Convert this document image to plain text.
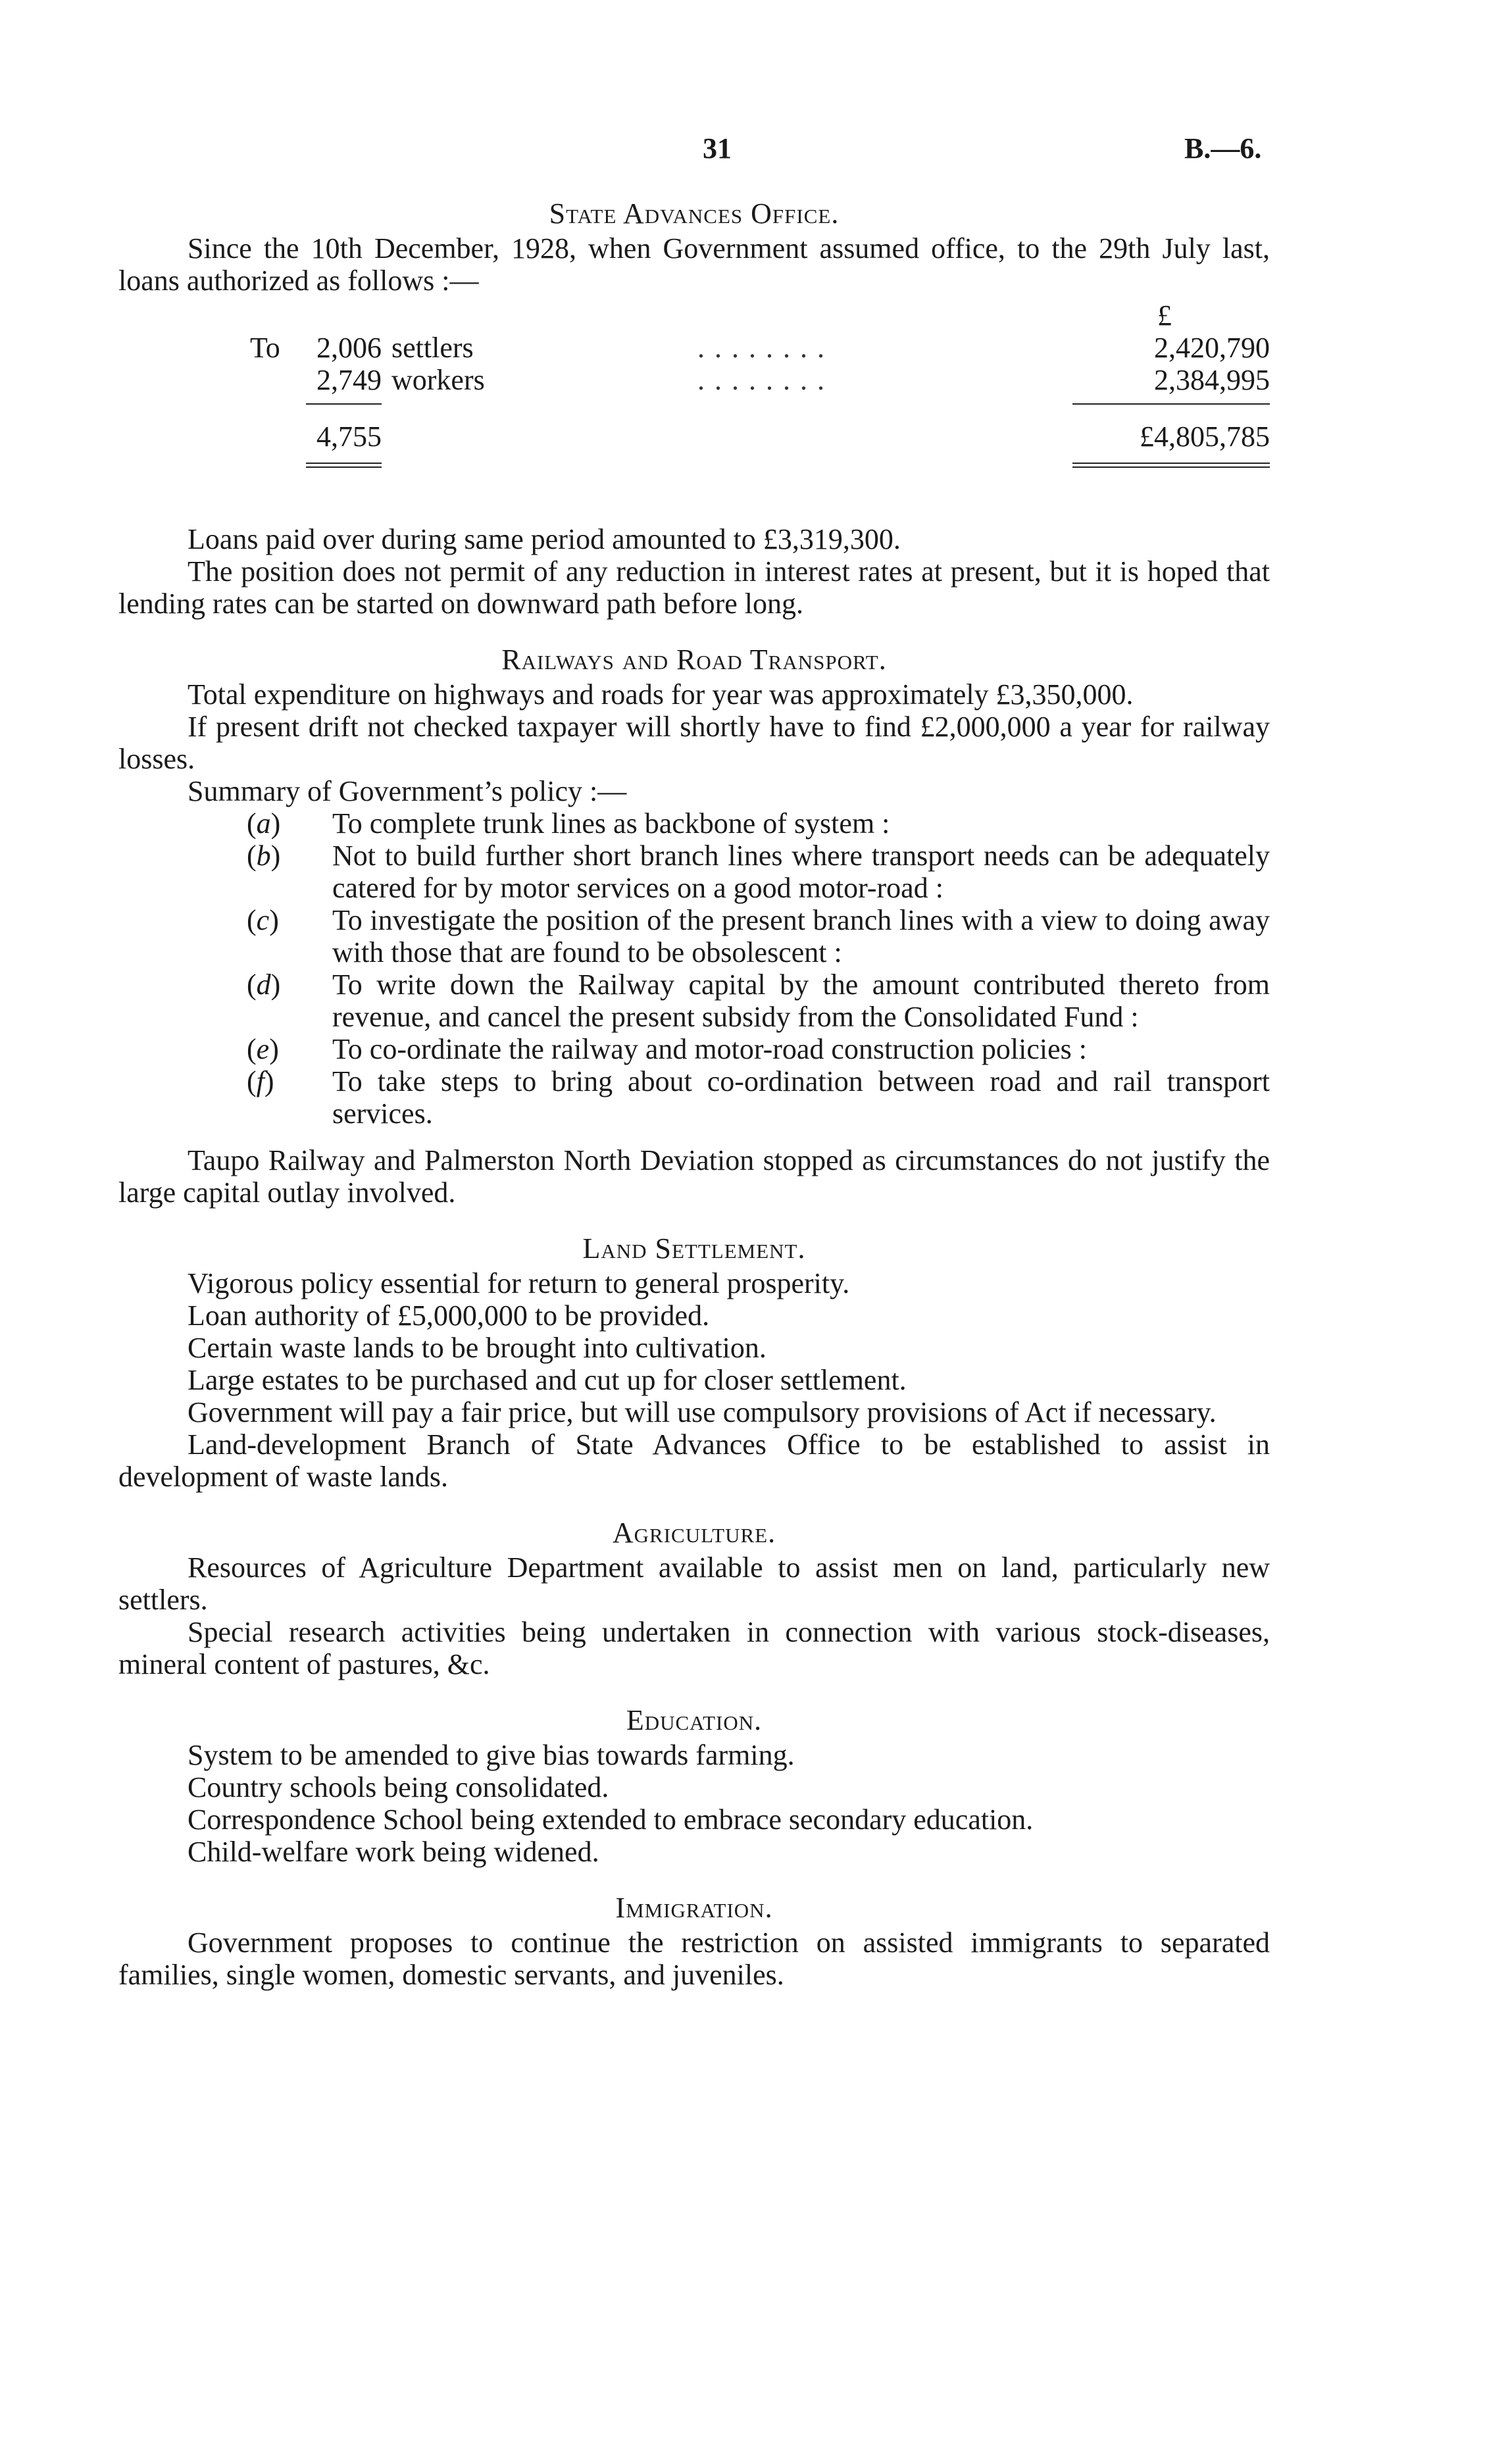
31	B.—6.
State Advances Office.

Since the 10th December, 1928, when Government assumed office, to the 29th July last, loans authorized as follows :—

£
To	2,006 settlers	. . . . . . . .	2,420,790
2,749 workers	. . . . . . . .	2,384,995
4,755	£4,805,785

Loans paid over during same period amounted to £3,319,300.

The position does not permit of any reduction in interest rates at present, but it is hoped that lending rates can be started on downward path before long.

Railways and Road Transport.

Total expenditure on highways and roads for year was approximately £3,350,000.

If present drift not checked taxpayer will shortly have to find £2,000,000 a year for railway losses.

Summary of Government’s policy :—

(a) To complete trunk lines as backbone of system :
(b) Not to build further short branch lines where transport needs can be adequately catered for by motor services on a good motor-road :
(c) To investigate the position of the present branch lines with a view to doing away with those that are found to be obsolescent :
(d) To write down the Railway capital by the amount contributed thereto from revenue, and cancel the present subsidy from the Consolidated Fund :
(e) To co-ordinate the railway and motor-road construction policies :
(f) To take steps to bring about co-ordination between road and rail transport services.

Taupo Railway and Palmerston North Deviation stopped as circumstances do not justify the large capital outlay involved.

Land Settlement.

Vigorous policy essential for return to general prosperity.

Loan authority of £5,000,000 to be provided.

Certain waste lands to be brought into cultivation.

Large estates to be purchased and cut up for closer settlement.

Government will pay a fair price, but will use compulsory provisions of Act if necessary.

Land-development Branch of State Advances Office to be established to assist in development of waste lands.

Agriculture.

Resources of Agriculture Department available to assist men on land, particularly new settlers.

Special research activities being undertaken in connection with various stock-diseases, mineral content of pastures, &c.

Education.

System to be amended to give bias towards farming.

Country schools being consolidated.

Correspondence School being extended to embrace secondary education.

Child-welfare work being widened.

Immigration.

Government proposes to continue the restriction on assisted immigrants to separated families, single women, domestic servants, and juveniles.
